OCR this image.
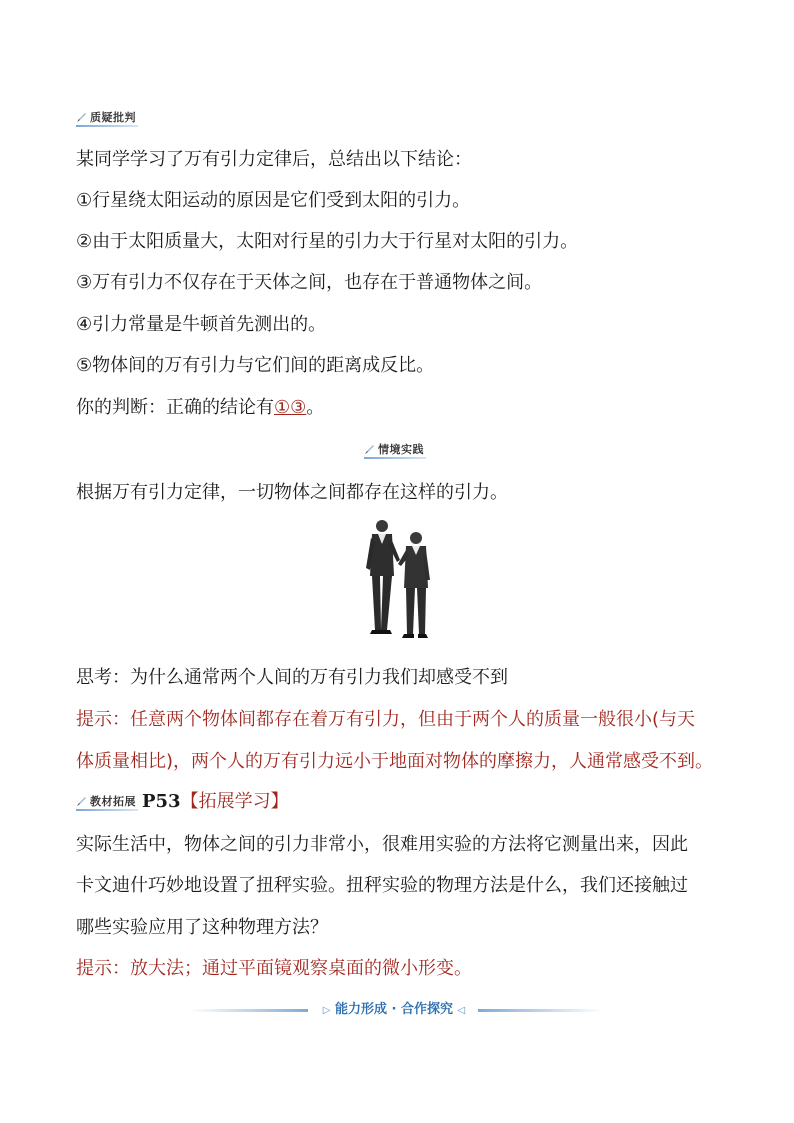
质疑批判
某同学学习了万有引力定律后，总结出以下结论：
①行星绕太阳运动的原因是它们受到太阳的引力。
②由于太阳质量大，太阳对行星的引力大于行星对太阳的引力。
③万有引力不仅存在于天体之间，也存在于普通物体之间。
④引力常量是牛顿首先测出的。
⑤物体间的万有引力与它们间的距离成反比。
你的判断：正确的结论有①③。
情境实践
根据万有引力定律，一切物体之间都存在这样的引力。
思考：为什么通常两个人间的万有引力我们却感受不到
提示：任意两个物体间都存在着万有引力，但由于两个人的质量一般很小(与天
体质量相比)，两个人的万有引力远小于地面对物体的摩擦力，人通常感受不到。
教材拓展 P53【拓展学习】
实际生活中，物体之间的引力非常小，很难用实验的方法将它测量出来，因此
卡文迪什巧妙地设置了扭秤实验。扭秤实验的物理方法是什么，我们还接触过
哪些实验应用了这种物理方法？
提示：放大法；通过平面镜观察桌面的微小形变。
▷ 能力形成 · 合作探究 ◁
